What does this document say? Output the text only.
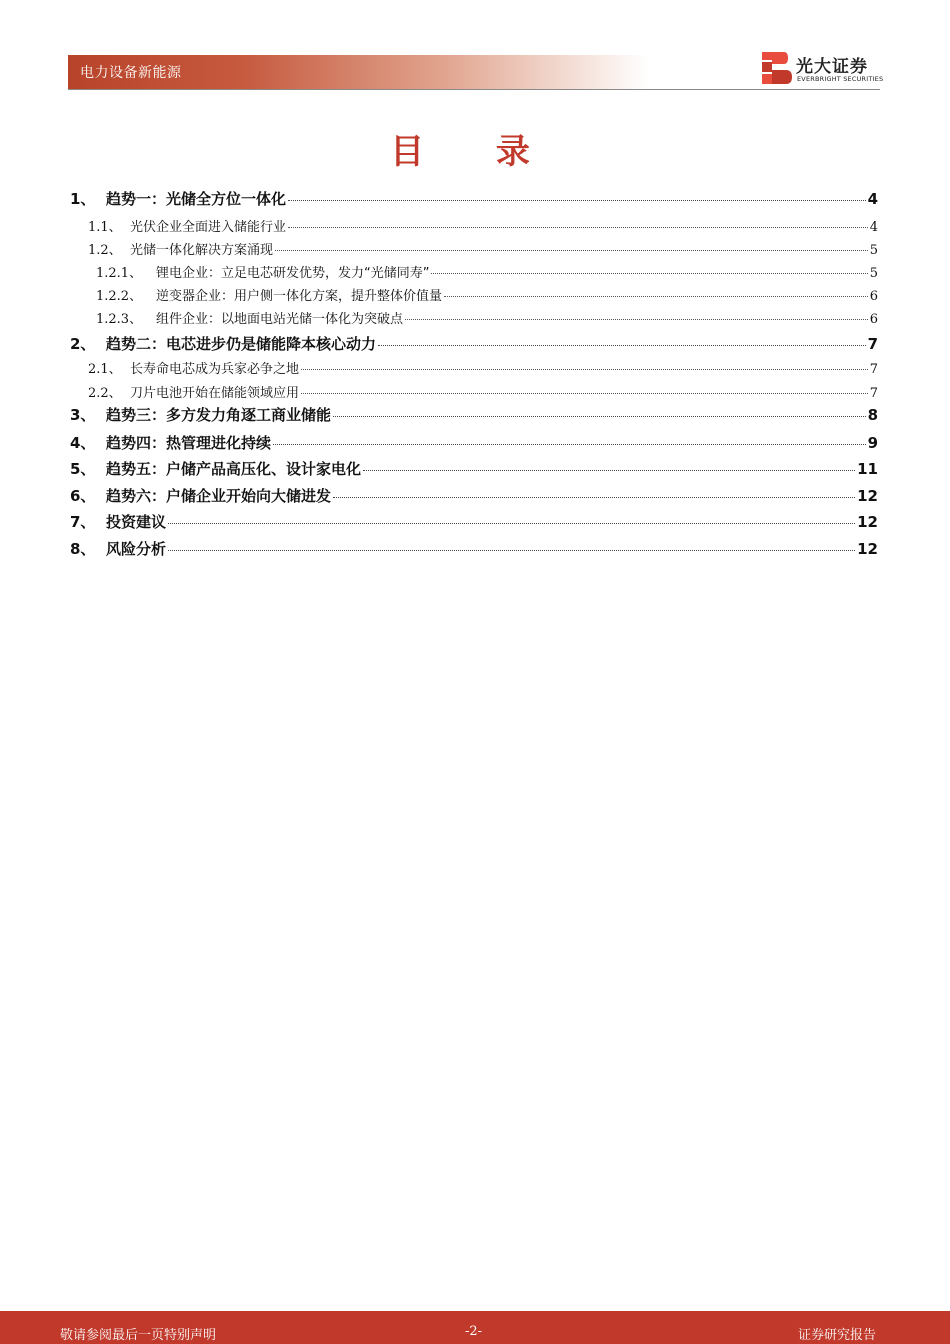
电力设备新能源	光大证券
EVERBRIGHT SECURITIES
目 录
1、 趋势一：光储全方位一体化	4
1.1、 光伏企业全面进入储能行业	4
1.2、 光储一体化解决方案涌现	5
1.2.1、	锂电企业：立足电芯研发优势，发力“光储同寿”	5
1.2.2、	逆变器企业：用户侧一体化方案，提升整体价值量	6
1.2.3、	组件企业：以地面电站光储一体化为突破点	6
2、 趋势二：电芯进步仍是储能降本核心动力	7
2.1、 长寿命电芯成为兵家必争之地	7
2.2、 刀片电池开始在储能领域应用	7
3、 趋势三：多方发力角逐工商业储能	8
4、 趋势四：热管理进化持续	9
5、 趋势五：户储产品高压化、设计家电化	11
6、 趋势六：户储企业开始向大储进发	12
7、 投资建议	12
8、 风险分析	12
敬请参阅最后一页特别声明	-2-	证券研究报告
